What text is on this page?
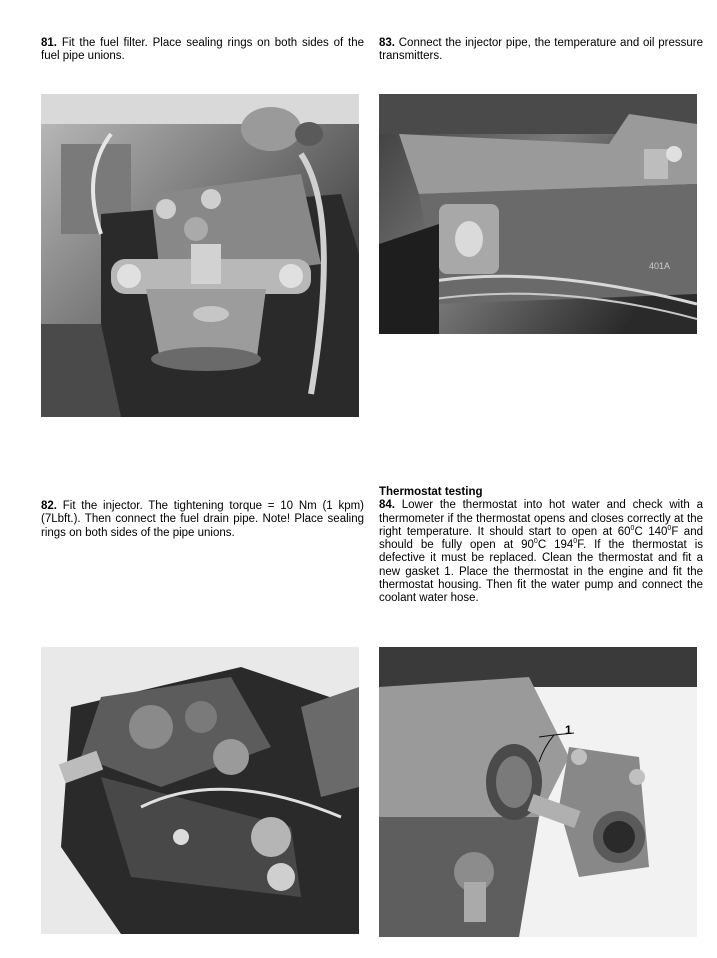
81. Fit the fuel filter. Place sealing rings on both sides of the fuel pipe unions.
83. Connect the injector pipe, the temperature and oil pressure transmitters.
401A
82. Fit the injector. The tightening torque = 10 Nm (1 kpm) (7Lbft.). Then connect the fuel drain pipe. Note! Place sealing rings on both sides of the pipe unions.
Thermostat testing
84. Lower the thermostat into hot water and check with a thermometer if the thermostat opens and closes correctly at the right temperature. It should start to open at $60^0C$ $140^0F$ and should be fully open at $90^0C$ $194^0F$. If the thermostat is defective it must be replaced. Clean the thermostat and fit a new gasket 1. Place the thermostat in the engine and fit the thermostat housing. Then fit the water pump and connect the coolant water hose.
1
